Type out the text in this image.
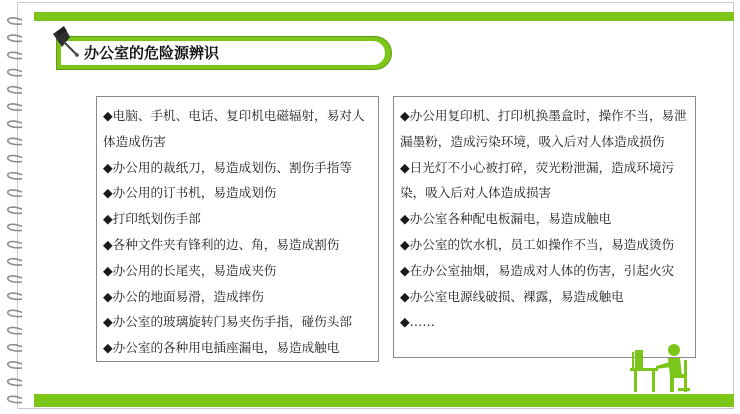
办公室的危险源辨识

◆电脑、手机、电话、复印机电磁辐射，易对人体造成伤害

◆办公用的裁纸刀，易造成划伤、割伤手指等

◆办公用的订书机，易造成划伤

◆打印纸划伤手部

◆各种文件夹有锋利的边、角，易造成割伤

◆办公用的长尾夹，易造成夹伤

◆办公的地面易滑，造成摔伤

◆办公室的玻璃旋转门易夹伤手指，碰伤头部

◆办公室的各种用电插座漏电，易造成触电

◆办公用复印机、打印机换墨盒时，操作不当，易泄漏墨粉，造成污染环境，吸入后对人体造成损伤

◆日光灯不小心被打碎，荧光粉泄漏，造成环境污染，吸入后对人体造成损害

◆办公室各种配电板漏电，易造成触电

◆办公室的饮水机，员工如操作不当，易造成烫伤

◆在办公室抽烟，易造成对人体的伤害，引起火灾

◆办公室电源线破损、裸露，易造成触电

◆……
